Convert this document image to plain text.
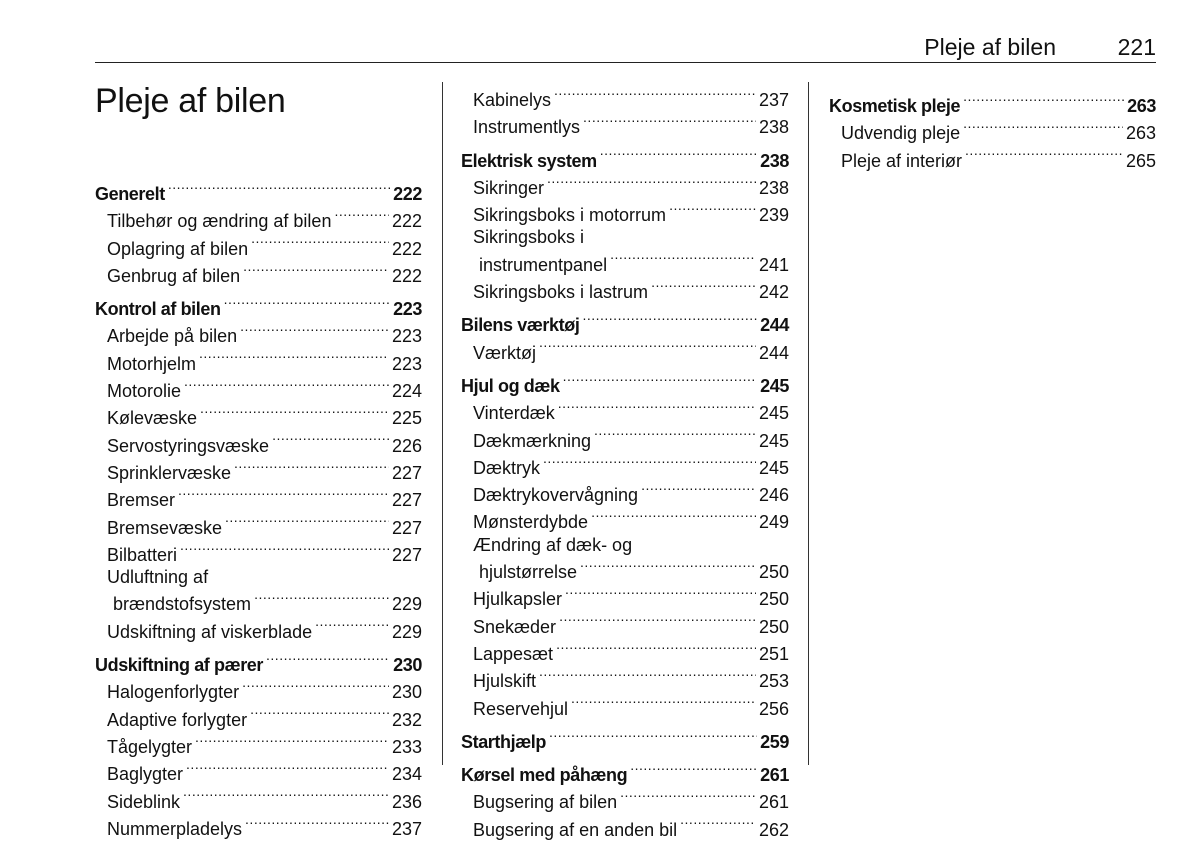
Pleje af bilen	221
Pleje af bilen
Generelt .....	222
Tilbehør og ændring af bilen .....	222
Oplagring af bilen .....	222
Genbrug af bilen .....	222
Kontrol af bilen .....	223
Arbejde på bilen .....	223
Motorhjelm .....	223
Motorolie .....	224
Kølevæske .....	225
Servostyringsvæske .....	226
Sprinklervæske .....	227
Bremser .....	227
Bremsevæske .....	227
Bilbatteri .....	227
Udluftning af
brændstofsystem .....	229
Udskiftning af viskerblade .....	229
Udskiftning af pærer .....	230
Halogenforlygter .....	230
Adaptive forlygter .....	232
Tågelygter .....	233
Baglygter .....	234
Sideblink .....	236
Nummerpladelys .....	237
Kabinelys .....	237
Instrumentlys .....	238
Elektrisk system .....	238
Sikringer .....	238
Sikringsboks i motorrum .....	239
Sikringsboks i
instrumentpanel .....	241
Sikringsboks i lastrum .....	242
Bilens værktøj .....	244
Værktøj .....	244
Hjul og dæk .....	245
Vinterdæk .....	245
Dækmærkning .....	245
Dæktryk .....	245
Dæktrykovervågning .....	246
Mønsterdybde .....	249
Ændring af dæk- og
hjulstørrelse .....	250
Hjulkapsler .....	250
Snekæder .....	250
Lappesæt .....	251
Hjulskift .....	253
Reservehjul .....	256
Starthjælp .....	259
Kørsel med påhæng .....	261
Bugsering af bilen .....	261
Bugsering af en anden bil .....	262
Kosmetisk pleje .....	263
Udvendig pleje .....	263
Pleje af interiør .....	265
